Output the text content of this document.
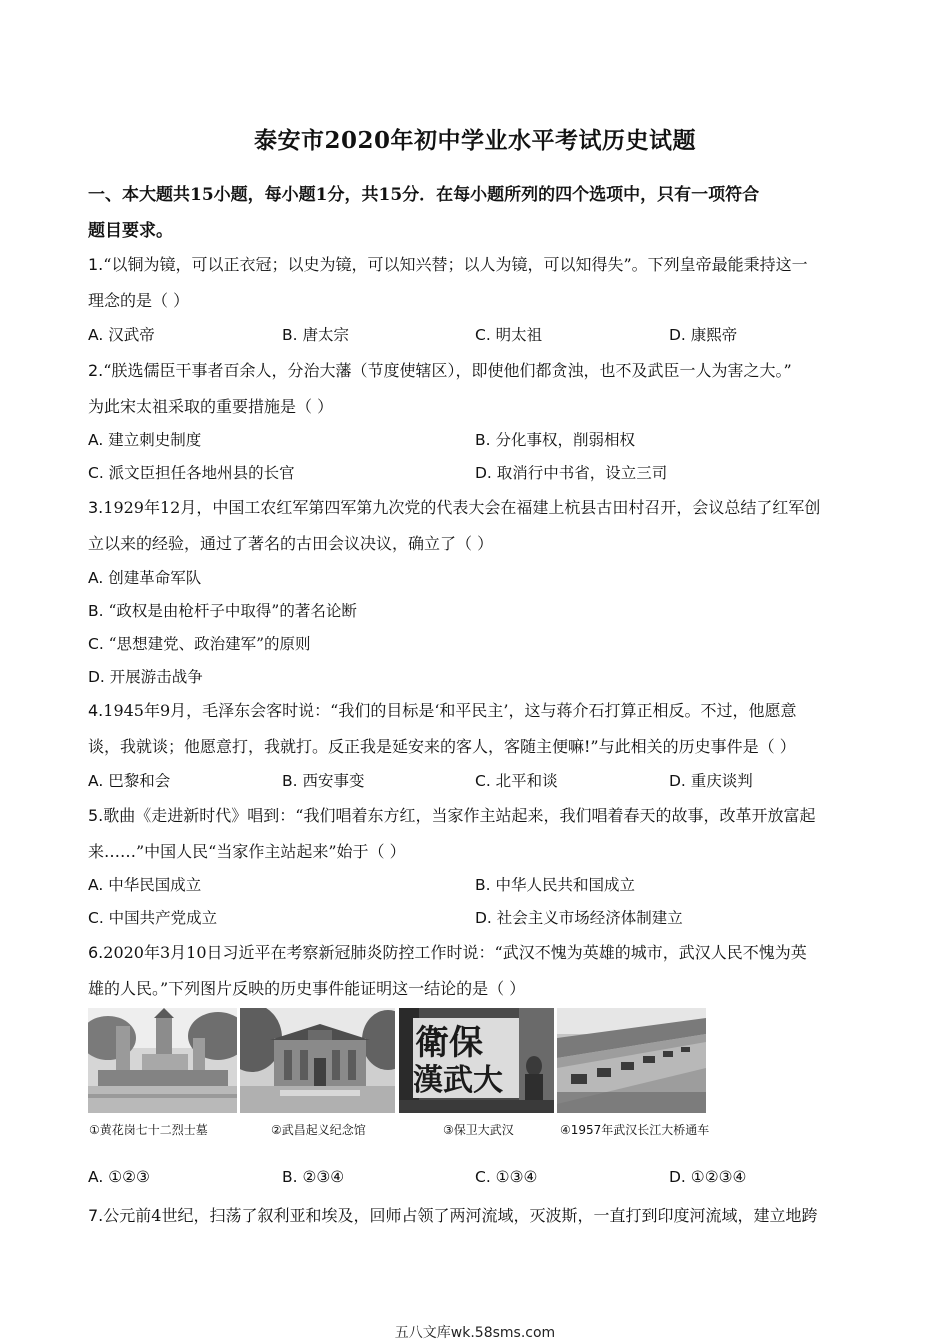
泰安市2020年初中学业水平考试历史试题
一、本大题共15小题，每小题1分，共15分．在每小题所列的四个选项中，只有一项符合
题目要求。
1.“以铜为镜，可以正衣冠；以史为镜，可以知兴替；以人为镜，可以知得失”。下列皇帝最能秉持这一
理念的是（ ）
A. 汉武帝	B. 唐太宗	C. 明太祖	D. 康熙帝
2.“朕选儒臣干事者百余人，分治大藩（节度使辖区），即使他们都贪浊，也不及武臣一人为害之大。”
为此宋太祖采取的重要措施是（ ）
A. 建立刺史制度	B. 分化事权，削弱相权
C. 派文臣担任各地州县的长官	D. 取消行中书省，设立三司
3.1929年12月，中国工农红军第四军第九次党的代表大会在福建上杭县古田村召开，会议总结了红军创
立以来的经验，通过了著名的古田会议决议，确立了（ ）
A. 创建革命军队
B. “政权是由枪杆子中取得”的著名论断
C. “思想建党、政治建军”的原则
D. 开展游击战争
4.1945年9月，毛泽东会客时说：“我们的目标是‘和平民主’，这与蒋介石打算正相反。不过，他愿意
谈，我就谈；他愿意打，我就打。反正我是延安来的客人，客随主便嘛!”与此相关的历史事件是（ ）
A. 巴黎和会	B. 西安事变	C. 北平和谈	D. 重庆谈判
5.歌曲《走进新时代》唱到：“我们唱着东方红，当家作主站起来，我们唱着春天的故事，改革开放富起
来……”中国人民“当家作主站起来”始于（ ）
A. 中华民国成立	B. 中华人民共和国成立
C. 中国共产党成立	D. 社会主义市场经济体制建立
6.2020年3月10日习近平在考察新冠肺炎防控工作时说：“武汉不愧为英雄的城市，武汉人民不愧为英
雄的人民。”下列图片反映的历史事件能证明这一结论的是（ ）
①黄花岗七十二烈士墓	②武昌起义纪念馆
衛保
漢武大
③保卫大武汉	④1957年武汉长江大桥通车
A. ①②③	B. ②③④	C. ①③④	D. ①②③④
7.公元前4世纪，扫荡了叙利亚和埃及，回师占领了两河流域，灭波斯，一直打到印度河流域，建立地跨
五八文库wk.58sms.com
